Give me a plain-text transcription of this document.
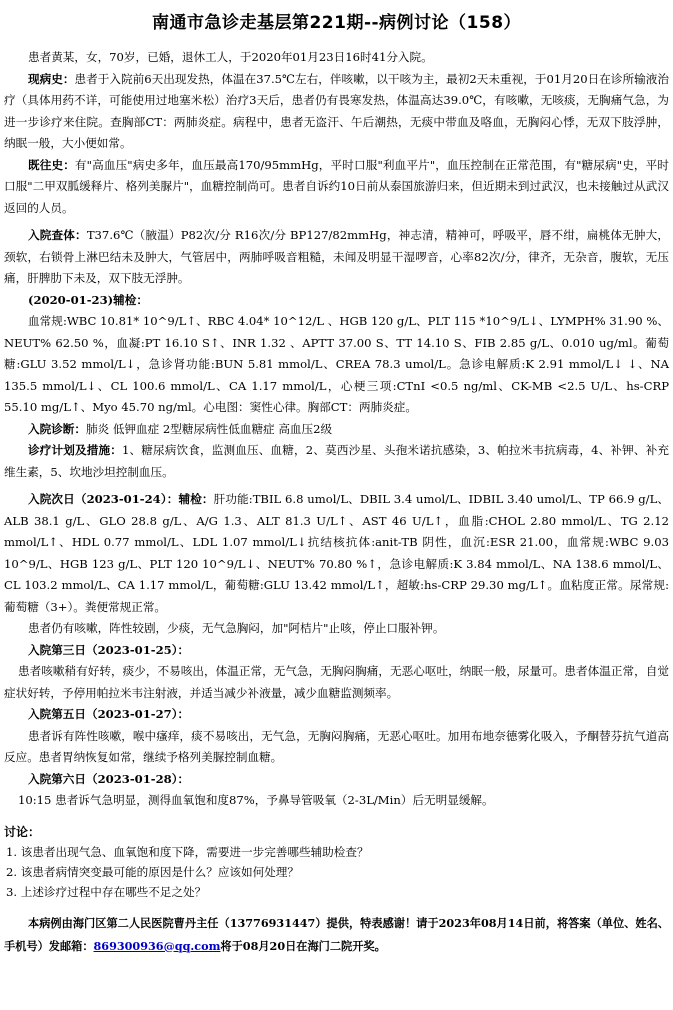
南通市急诊走基层第221期--病例讨论（158）

患者黄某，女，70岁，已婚，退休工人，于2020年01月23日16时41分入院。

现病史：患者于入院前6天出现发热，体温在37.5℃左右，伴咳嗽，以干咳为主，最初2天未重视，于01月20日在诊所输液治疗（具体用药不详，可能使用过地塞米松）治疗3天后，患者仍有畏寒发热，体温高达39.0℃，有咳嗽，无咳痰，无胸痛气急，为进一步诊疗来住院。查胸部CT：两肺炎症。病程中，患者无盗汗、午后潮热，无痰中带血及咯血，无胸闷心悸，无双下肢浮肿，纳眠一般，大小便如常。

既往史：有"高血压"病史多年，血压最高170/95mmHg，平时口服"利血平片"，血压控制在正常范围，有"糖尿病"史，平时口服"二甲双胍缓释片、格列美脲片"，血糖控制尚可。患者自诉约10日前从泰国旅游归来，但近期未到过武汉，也未接触过从武汉返回的人员。

入院查体：T37.6℃（腋温）P82次/分 R16次/分 BP127/82mmHg，神志清，精神可，呼吸平，唇不绀，扁桃体无肿大，颈软，右锁骨上淋巴结未及肿大，气管居中，两肺呼吸音粗糙，未闻及明显干湿啰音，心率82次/分，律齐，无杂音，腹软，无压痛，肝脾肋下未及，双下肢无浮肿。

(2020-01-23)辅检：

血常规:WBC 10.81* 10^9/L↑、RBC 4.04* 10^12/L 、HGB 120 g/L、PLT 115 *10^9/L↓、LYMPH% 31.90 %、NEUT% 62.50 %，血凝:PT 16.10 S↑、INR 1.32 、APTT 37.00 S、TT 14.10 S、FIB 2.85 g/L、0.010 ug/ml。葡萄糖:GLU 3.52 mmol/L↓，急诊肾功能:BUN 5.81 mmol/L、CREA 78.3 umol/L。急诊电解质:K 2.91 mmol/L↓ ↓、NA 135.5 mmol/L↓、CL 100.6 mmol/L、CA 1.17 mmol/L，心梗三项:CTnI <0.5 ng/ml、CK-MB <2.5 U/L、hs-CRP 55.10 mg/L↑、Myo 45.70 ng/ml。心电图：窦性心律。胸部CT：两肺炎症。

入院诊断：肺炎 低钾血症 2型糖尿病性低血糖症 高血压2级

诊疗计划及措施：1、糖尿病饮食，监测血压、血糖，2、莫西沙星、头孢米诺抗感染，3、帕拉米韦抗病毒，4、补钾、补充维生素，5、坎地沙坦控制血压。

入院次日（2023-01-24）：辅检：肝功能:TBIL 6.8 umol/L、DBIL 3.4 umol/L、IDBIL 3.40 umol/L、TP 66.9 g/L、ALB 38.1 g/L、GLO 28.8 g/L、A/G 1.3、ALT 81.3 U/L↑、AST 46 U/L↑，血脂:CHOL 2.80 mmol/L、TG 2.12 mmol/L↑、HDL 0.77 mmol/L、LDL 1.07 mmol/L↓抗结核抗体:anit-TB 阴性，血沉:ESR 21.00，血常规:WBC 9.03 10^9/L、HGB 123 g/L、PLT 120 10^9/L↓、NEUT% 70.80 %↑，急诊电解质:K 3.84 mmol/L、NA 138.6 mmol/L、CL 103.2 mmol/L、CA 1.17 mmol/L，葡萄糖:GLU 13.42 mmol/L↑，超敏:hs-CRP 29.30 mg/L↑。血粘度正常。尿常规:葡萄糖（3+）。粪便常规正常。

患者仍有咳嗽，阵性较剧，少痰，无气急胸闷，加"阿桔片"止咳，停止口服补钾。

入院第三日（2023-01-25）：

患者咳嗽稍有好转，痰少，不易咳出，体温正常，无气急，无胸闷胸痛，无恶心呕吐，纳眠一般，尿量可。患者体温正常，自觉症状好转，予停用帕拉米韦注射液，并适当减少补液量，减少血糖监测频率。

入院第五日（2023-01-27）：

患者诉有阵性咳嗽，喉中瘙痒，痰不易咳出，无气急，无胸闷胸痛，无恶心呕吐。加用布地奈德雾化吸入，予酮替芬抗气道高反应。患者胃纳恢复如常，继续予格列美脲控制血糖。

入院第六日（2023-01-28）：

10:15 患者诉气急明显，测得血氧饱和度87%，予鼻导管吸氧（2-3L/Min）后无明显缓解。

讨论：
1. 该患者出现气急、血氧饱和度下降，需要进一步完善哪些辅助检查？
2. 该患者病情突变最可能的原因是什么？应该如何处理？
3. 上述诊疗过程中存在哪些不足之处？
本病例由海门区第二人民医院曹丹主任（13776931447）提供，特表感谢！请于2023年08月14日前，将答案（单位、姓名、手机号）发邮箱：869300936@qq.com将于08月20日在海门二院开奖。
